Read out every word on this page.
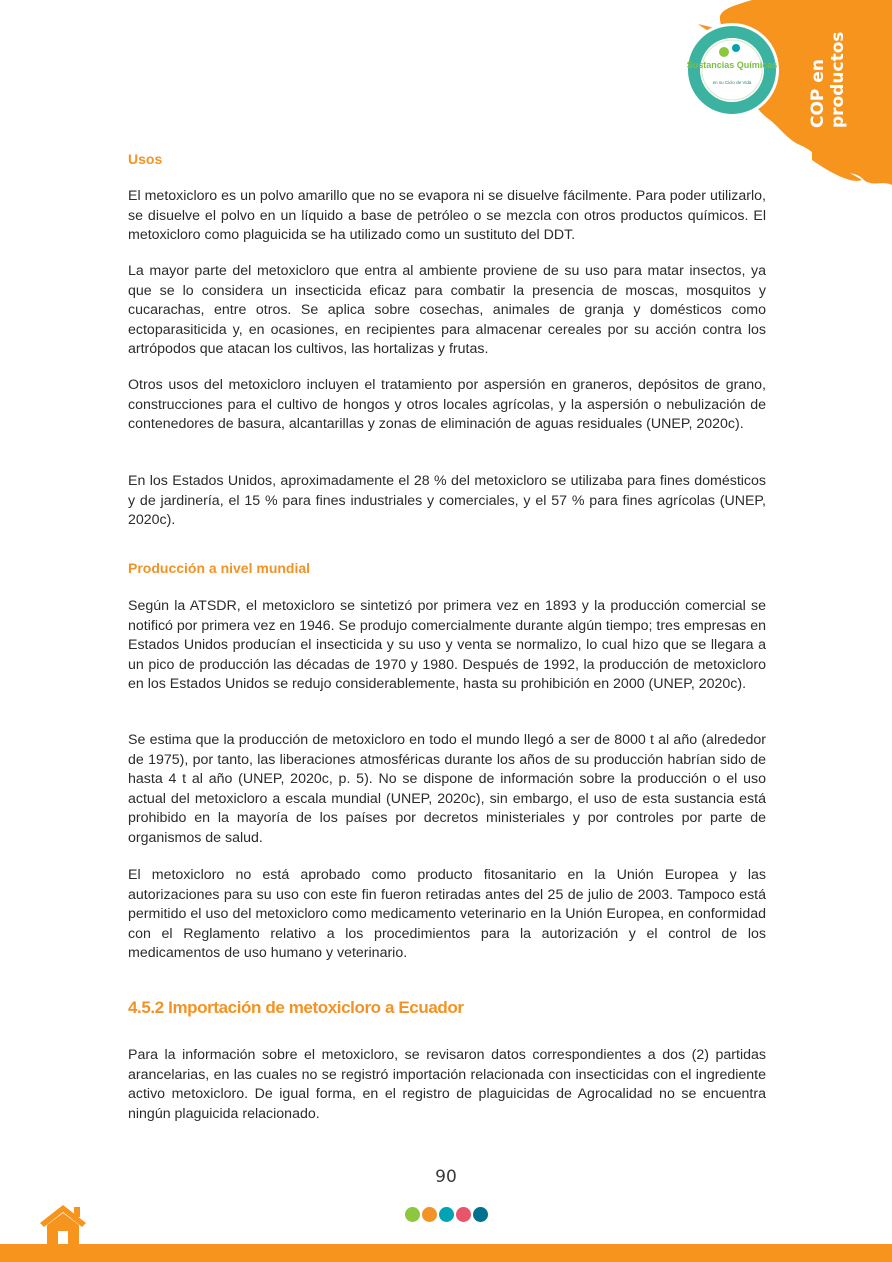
Sustancias Químicas
en su Ciclo de Vida	COP en productos
Usos

El metoxicloro es un polvo amarillo que no se evapora ni se disuelve fácilmente. Para poder utilizarlo, se disuelve el polvo en un líquido a base de petróleo o se mezcla con otros productos químicos. El metoxicloro como plaguicida se ha utilizado como un sustituto del DDT.

La mayor parte del metoxicloro que entra al ambiente proviene de su uso para matar insectos, ya que se lo considera un insecticida eficaz para combatir la presencia de moscas, mosquitos y cucarachas, entre otros. Se aplica sobre cosechas, animales de granja y domésticos como ectoparasiticida y, en ocasiones, en recipientes para almacenar cereales por su acción contra los artrópodos que atacan los cultivos, las hortalizas y frutas.

Otros usos del metoxicloro incluyen el tratamiento por aspersión en graneros, depósitos de grano, construcciones para el cultivo de hongos y otros locales agrícolas, y la aspersión o nebulización de contenedores de basura, alcantarillas y zonas de eliminación de aguas residuales (UNEP, 2020c).

En los Estados Unidos, aproximadamente el 28 % del metoxicloro se utilizaba para fines domésticos y de jardinería, el 15 % para fines industriales y comerciales, y el 57 % para fines agrícolas (UNEP, 2020c).

Producción a nivel mundial

Según la ATSDR, el metoxicloro se sintetizó por primera vez en 1893 y la producción comercial se notificó por primera vez en 1946. Se produjo comercialmente durante algún tiempo; tres empresas en Estados Unidos producían el insecticida y su uso y venta se normalizo, lo cual hizo que se llegara a un pico de producción las décadas de 1970 y 1980. Después de 1992, la producción de metoxicloro en los Estados Unidos se redujo considerablemente, hasta su prohibición en 2000 (UNEP, 2020c).

Se estima que la producción de metoxicloro en todo el mundo llegó a ser de 8000 t al año (alrededor de 1975), por tanto, las liberaciones atmosféricas durante los años de su producción habrían sido de hasta 4 t al año (UNEP, 2020c, p. 5). No se dispone de información sobre la producción o el uso actual del metoxicloro a escala mundial (UNEP, 2020c), sin embargo, el uso de esta sustancia está prohibido en la mayoría de los países por decretos ministeriales y por controles por parte de organismos de salud.

El metoxicloro no está aprobado como producto fitosanitario en la Unión Europea y las autorizaciones para su uso con este fin fueron retiradas antes del 25 de julio de 2003. Tampoco está permitido el uso del metoxicloro como medicamento veterinario en la Unión Europea, en conformidad con el Reglamento relativo a los procedimientos para la autorización y el control de los medicamentos de uso humano y veterinario.

4.5.2 Importación de metoxicloro a Ecuador

Para la información sobre el metoxicloro, se revisaron datos correspondientes a dos (2) partidas arancelarias, en las cuales no se registró importación relacionada con insecticidas con el ingrediente activo metoxicloro. De igual forma, en el registro de plaguicidas de Agrocalidad no se encuentra ningún plaguicida relacionado.

90
